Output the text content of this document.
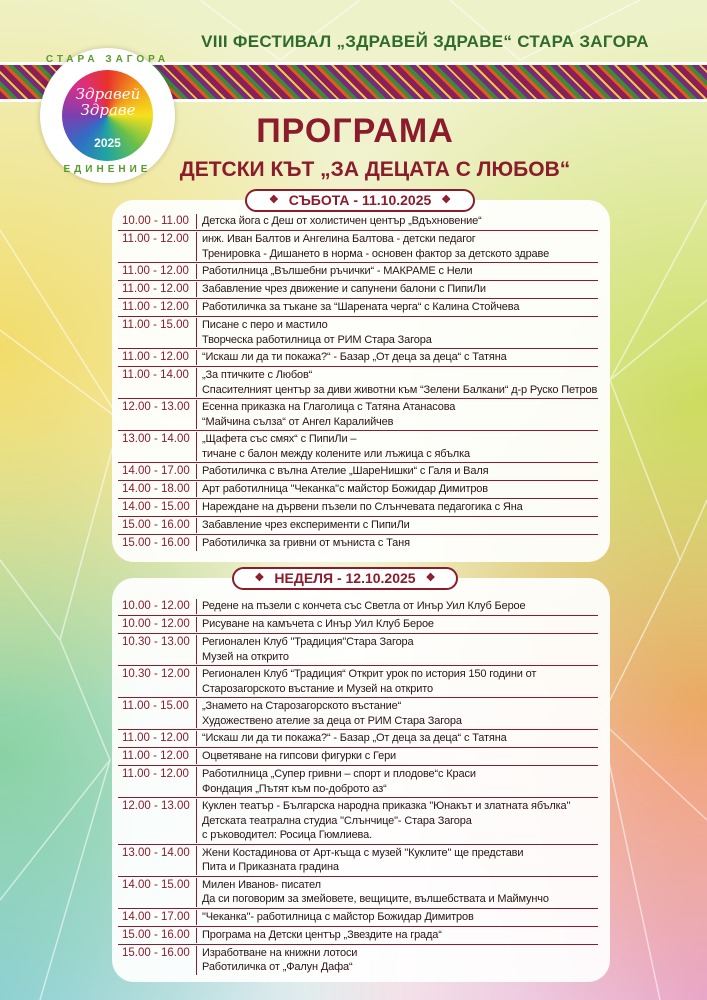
VIII ФЕСТИВАЛ „ЗДРАВЕЙ ЗДРАВЕ“ СТАРА ЗАГОРА
СТАРА ЗАГОРА
Здравей
Здраве
2025
ЕДИНЕНИЕ
ПРОГРАМА
ДЕТСКИ КЪТ „ЗА ДЕЦАТА С ЛЮБОВ“
❖ СЪБОТА - 11.10.2025 ❖
10.00 - 11.00	Детска йога с Деш от холистичен център „Вдъхновение“
11.00 - 12.00	инж. Иван Балтов и Ангелина Балтова - детски педагог
Тренировка - Дишането в норма - основен фактор за детското здраве
11.00 - 12.00	Работилница „Вълшебни ръчички“ - МАКРАМЕ с Нели
11.00 - 12.00	Забавление чрез движение и сапунени балони с ПипиЛи
11.00 - 12.00	Работиличка за тъкане за “Шарената черга“ с Калина Стойчева
11.00 - 15.00	Писане с перо и мастило
Творческа работилница от РИМ Стара Загора
11.00 - 12.00	“Искаш ли да ти покажа?“ - Базар „От деца за деца“ с Татяна
11.00 - 14.00	„За птичките с Любов“
Спасителният център за диви животни към “Зелени Балкани“ д-р Руско Петров
12.00 - 13.00	Есенна приказка на Глаголица с Татяна Атанасова
“Майчина сълза“ от Ангел Каралийчев
13.00 - 14.00	„Щафета със смях“ с ПипиЛи –
тичане с балон между колените или лъжица с ябълка
14.00 - 17.00	Работиличка с вълна Ателие „ШареНишки“ с Галя и Валя
14.00 - 18.00	Арт работилница "Чеканка"с майстор Божидар Димитров
14.00 - 15.00	Нареждане на дървени пъзели по Слънчевата педагогика с Яна
15.00 - 16.00	Забавление чрез експерименти с ПипиЛи
15.00 - 16.00	Работиличка за гривни от мъниста с Таня
❖ НЕДЕЛЯ - 12.10.2025 ❖
10.00 - 12.00	Редене на пъзели с кончета със Светла от Инър Уил Клуб Берое
10.00 - 12.00	Рисуване на камъчета с Инър Уил Клуб Берое
10.30 - 13.00	Регионален Клуб "Традиция"Стара Загора
Музей на открито
10.30 - 12.00	Регионален Клуб “Традиция“ Открит урок по история 150 години от
Старозагорското въстание и Музей на открито
11.00 - 15.00	„Знамето на Старозагорското въстание“
Художествено ателие за деца от РИМ Стара Загора
11.00 - 12.00	“Искаш ли да ти покажа?“ - Базар „От деца за деца“ с Татяна
11.00 - 12.00	Оцветяване на гипсови фигурки с Гери
11.00 - 12.00	Работилница „Супер гривни – спорт и плодове“с Краси
Фондация „Пътят към по-доброто аз“
12.00 - 13.00	Куклен театър - Българска народна приказка "Юнакът и златната ябълка"
Детската театрална студиа "Слънчице"- Стара Загора
с ръководител: Росица Гюмлиева.
13.00 - 14.00	Жени Костадинова от Арт-къща с музей "Куклите" ще представи
Пита и Приказната градина
14.00 - 15.00	Милен Иванов- писател
Да си поговорим за змейовете, вещиците, вълшебствата и Маймунчо
14.00 - 17.00	"Чеканка"- работилница с майстор Божидар Димитров
15.00 - 16.00	Програма на Детски център „Звездите на града“
15.00 - 16.00	Изработване на книжни лотоси
Работиличка от „Фалун Дафа“
